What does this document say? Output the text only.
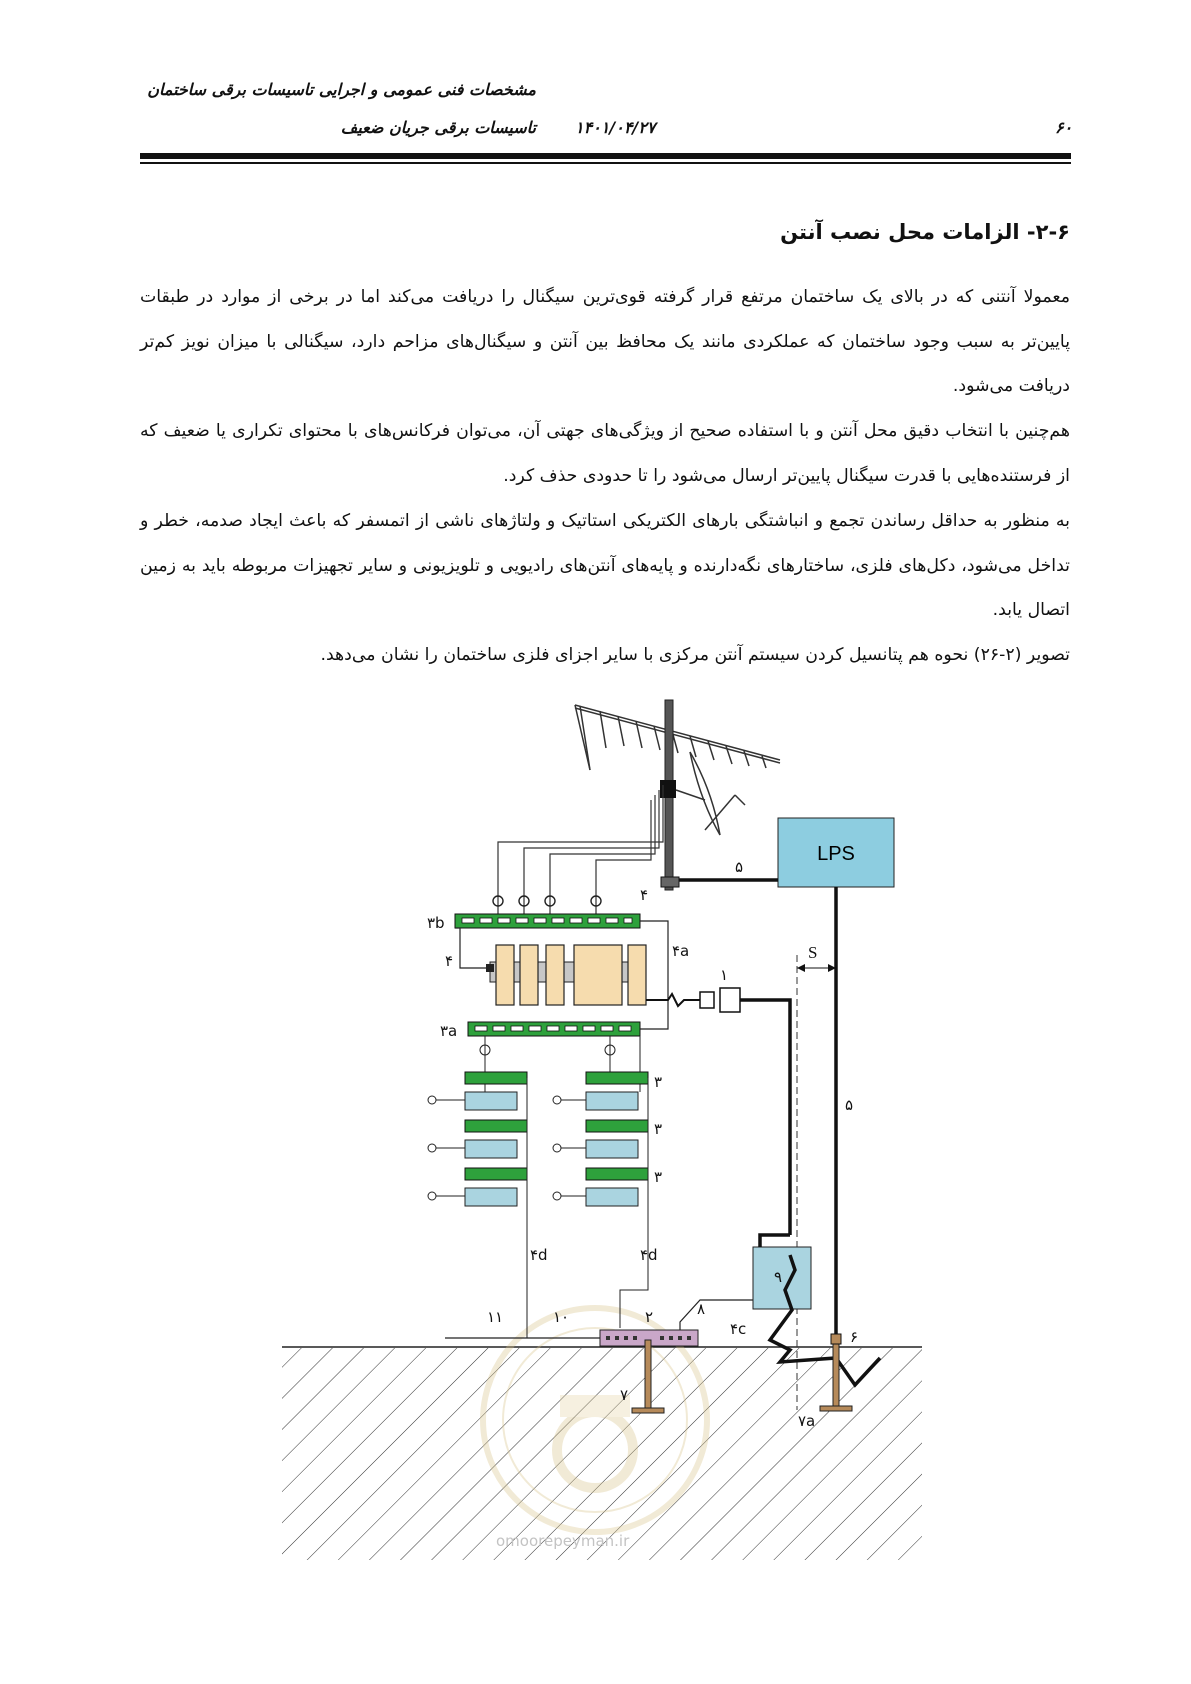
مشخصات فنی عمومی و اجرایی تاسیسات برقی ساختمان
تاسیسات برقی جریان ضعیف ۱۴۰۱/۰۴/۲۷	۶۰
۲-۶- الزامات محل نصب آنتن

معمولا آنتنی که در بالای یک ساختمان مرتفع قرار گرفته قوی‌ترین سیگنال را دریافت می‌کند اما در برخی از موارد در طبقات پایین‌تر به سبب وجود ساختمان که عملکردی مانند یک محافظ بین آنتن و سیگنال‌های مزاحم دارد، سیگنالی با میزان نویز کم‌تر دریافت می‌شود.

هم‌چنین با انتخاب دقیق محل آنتن و با استفاده صحیح از ویژگی‌های جهتی آن، می‌توان فرکانس‌های با محتوای تکراری یا ضعیف که از فرستنده‌هایی با قدرت سیگنال پایین‌تر ارسال می‌شود را تا حدودی حذف کرد.

به منظور به حداقل رساندن تجمع و انباشتگی بارهای الکتریکی استاتیک و ولتاژهای ناشی از اتمسفر که باعث ایجاد صدمه، خطر و تداخل می‌شود، دکل‌های فلزی، ساختارهای نگه‌دارنده و پایه‌های آنتن‌های رادیویی و تلویزیونی و سایر تجهیزات مربوطه باید به زمین اتصال یابد.

تصویر (۲-۲۶) نحوه هم پتانسیل کردن سیستم آنتن مرکزی با سایر اجزای فلزی ساختمان را نشان می‌دهد.

LPS
۵
۴
۳b
۴
۴a
۱
S
۳a
۳
۳
۳
۵
۴d	۴d
۹
۸
۴c
۲
۱۰
۱۱
۶
۷
۷a
omoorepeyman.ir
